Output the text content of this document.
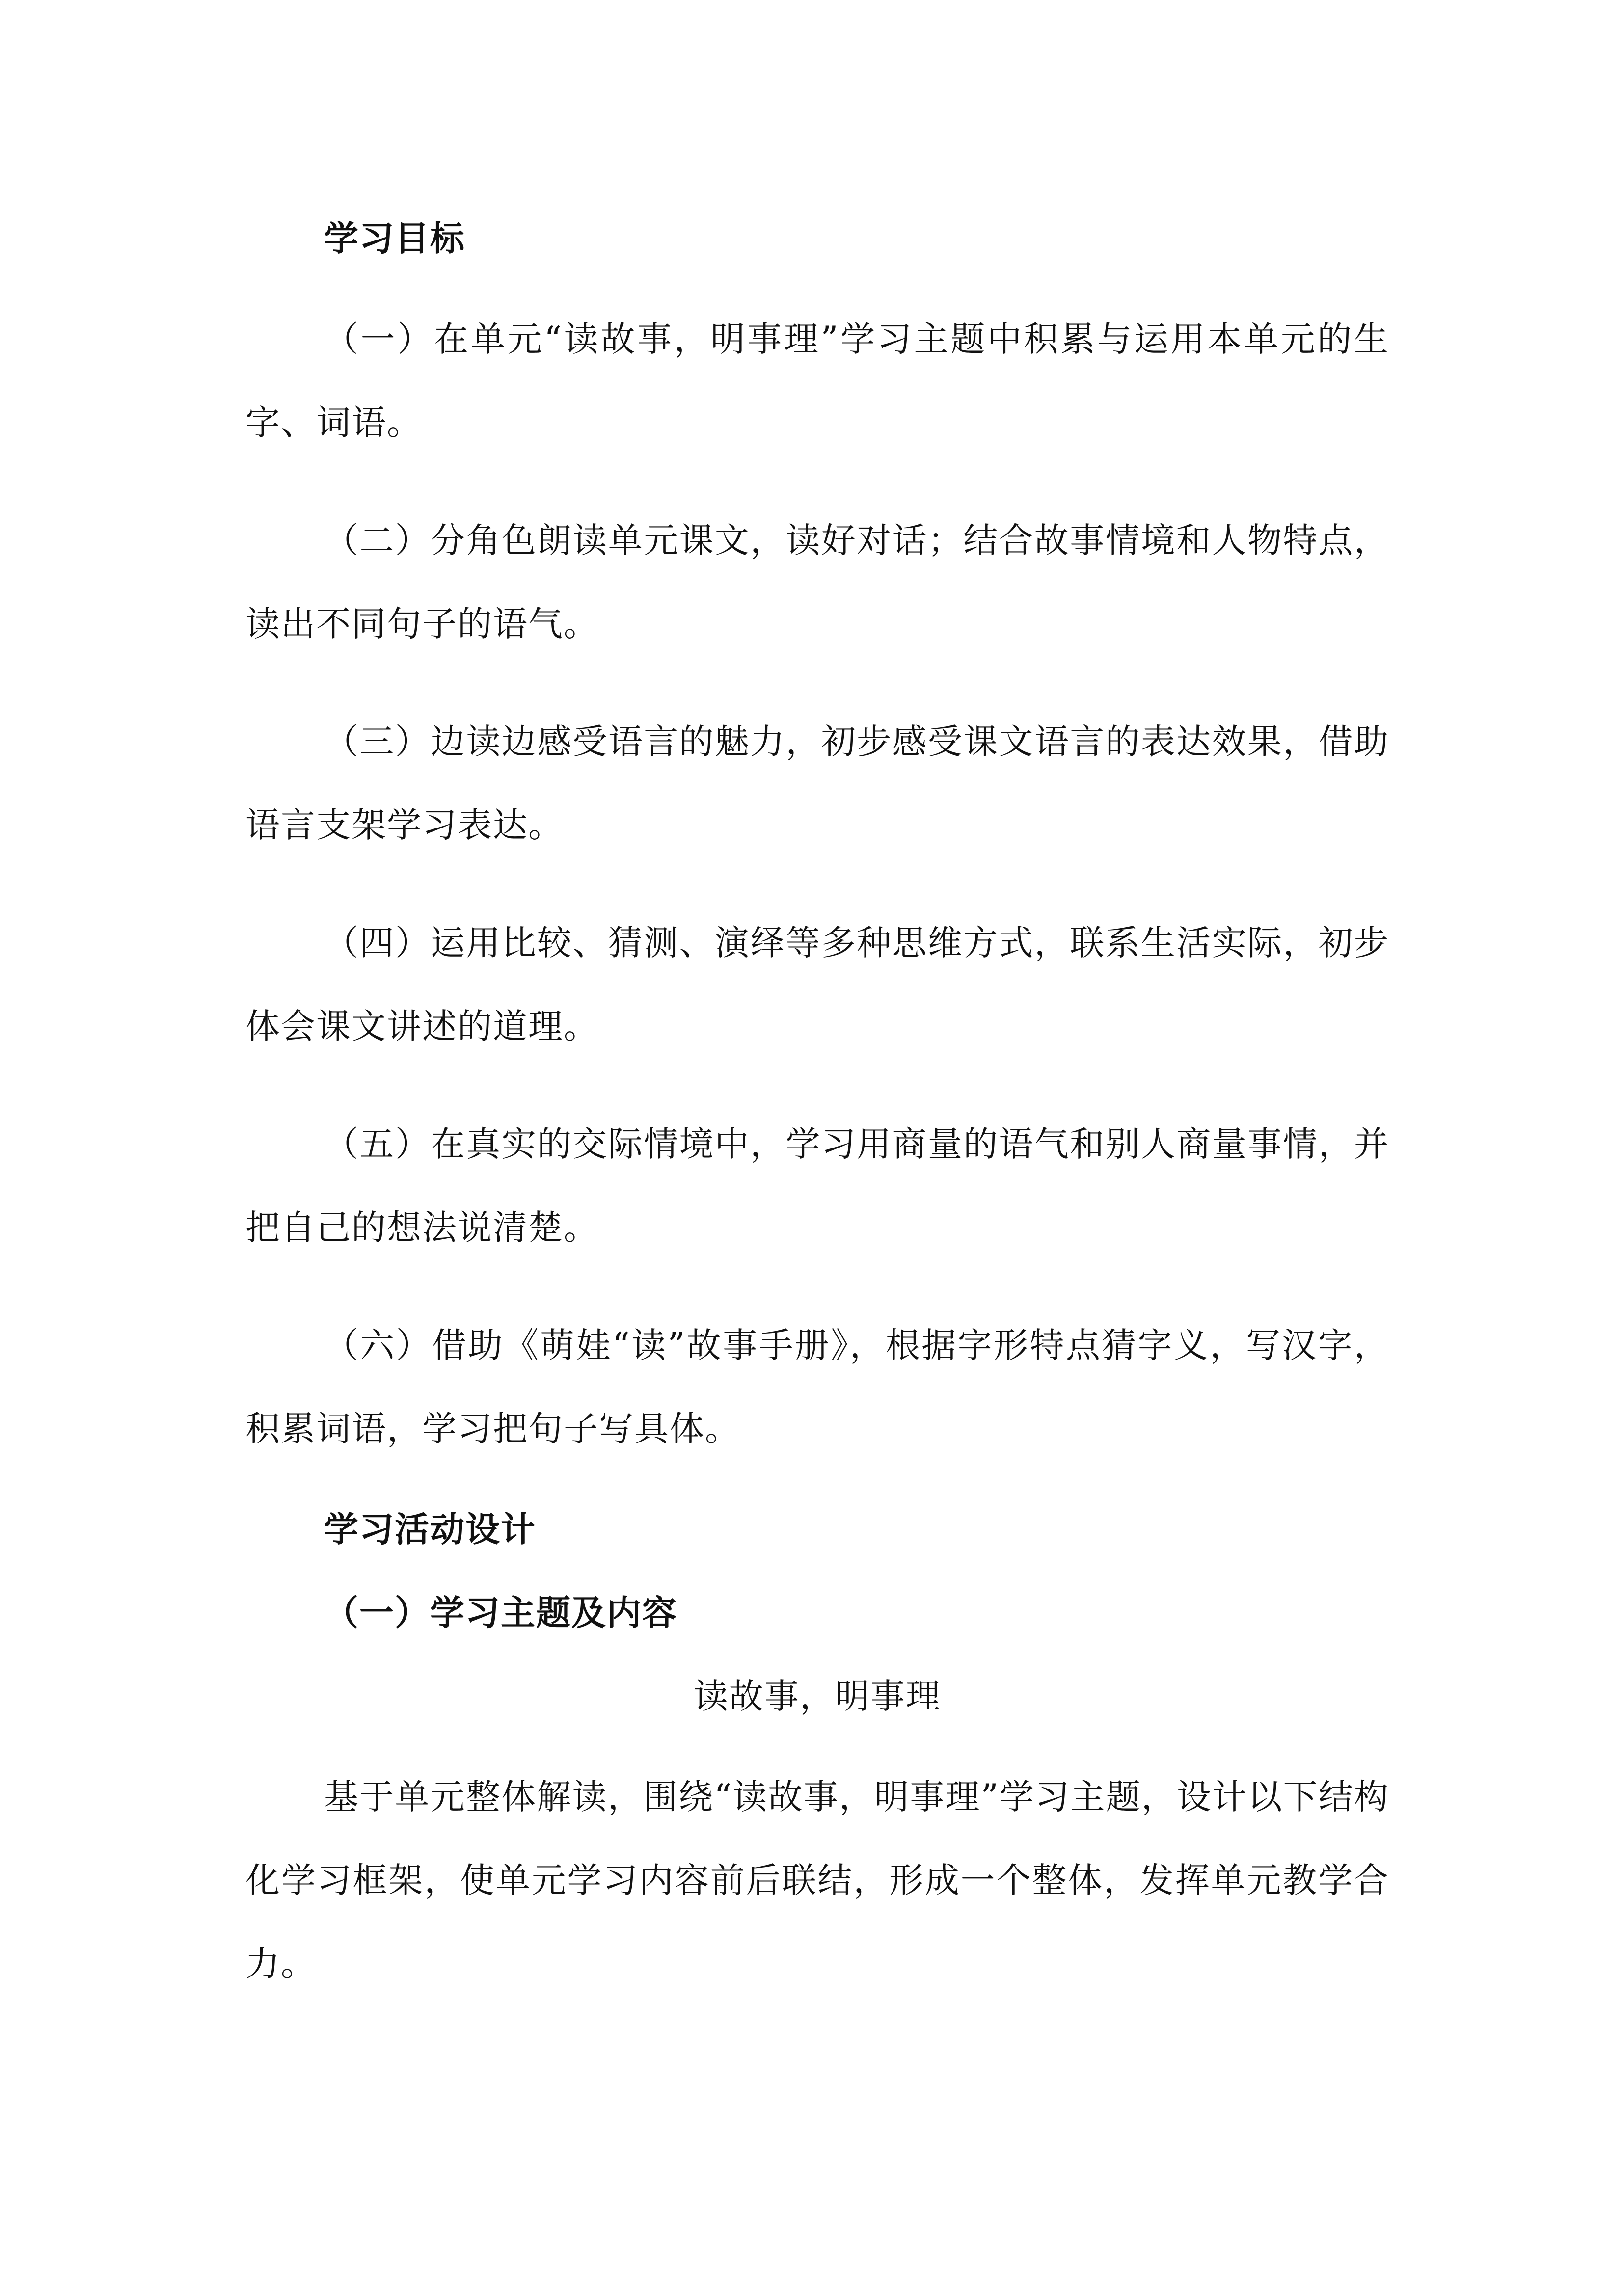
学习目标

（一）在单元“读故事，明事理”学习主题中积累与运用本单元的生字、词语。

（二）分角色朗读单元课文，读好对话；结合故事情境和人物特点，读出不同句子的语气。

（三）边读边感受语言的魅力，初步感受课文语言的表达效果，借助语言支架学习表达。

（四）运用比较、猜测、演绎等多种思维方式，联系生活实际，初步体会课文讲述的道理。

（五）在真实的交际情境中，学习用商量的语气和别人商量事情，并把自己的想法说清楚。

（六）借助《萌娃“读”故事手册》，根据字形特点猜字义，写汉字，积累词语，学习把句子写具体。

学习活动设计
（一）学习主题及内容
读故事，明事理

基于单元整体解读，围绕“读故事，明事理”学习主题，设计以下结构化学习框架，使单元学习内容前后联结，形成一个整体，发挥单元教学合力。
